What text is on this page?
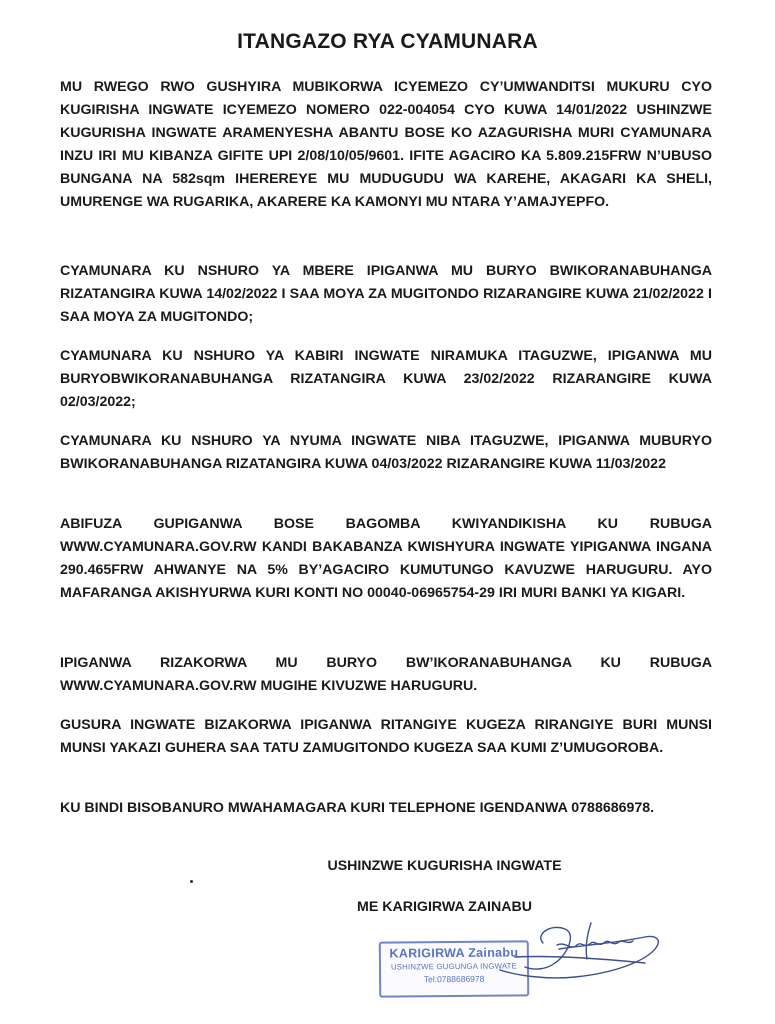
ITANGAZO RYA CYAMUNARA

MU RWEGO RWO GUSHYIRA MUBIKORWA ICYEMEZO CY’UMWANDITSI MUKURU CYO KUGIRISHA INGWATE ICYEMEZO NOMERO 022-004054 CYO KUWA 14/01/2022 USHINZWE KUGURISHA INGWATE ARAMENYESHA ABANTU BOSE KO AZAGURISHA MURI CYAMUNARA INZU IRI MU KIBANZA GIFITE UPI 2/08/10/05/9601. IFITE AGACIRO KA 5.809.215FRW N’UBUSO BUNGANA NA 582sqm IHEREREYE MU MUDUGUDU WA KAREHE, AKAGARI KA SHELI, UMURENGE WA RUGARIKA, AKARERE KA KAMONYI MU NTARA Y’AMAJYEPFO.

CYAMUNARA KU NSHURO YA MBERE IPIGANWA MU BURYO BWIKORANABUHANGA RIZATANGIRA KUWA 14/02/2022 I SAA MOYA ZA MUGITONDO RIZARANGIRE KUWA 21/02/2022 I SAA MOYA ZA MUGITONDO;

CYAMUNARA KU NSHURO YA KABIRI INGWATE NIRAMUKA ITAGUZWE, IPIGANWA MU BURYOBWIKORANABUHANGA RIZATANGIRA KUWA 23/02/2022 RIZARANGIRE KUWA 02/03/2022;

CYAMUNARA KU NSHURO YA NYUMA INGWATE NIBA ITAGUZWE, IPIGANWA MUBURYO BWIKORANABUHANGA RIZATANGIRA KUWA 04/03/2022 RIZARANGIRE KUWA 11/03/2022

ABIFUZA GUPIGANWA BOSE BAGOMBA KWIYANDIKISHA KU RUBUGA WWW.CYAMUNARA.GOV.RW KANDI BAKABANZA KWISHYURA INGWATE YIPIGANWA INGANA 290.465FRW AHWANYE NA 5% BY’AGACIRO KUMUTUNGO KAVUZWE HARUGURU. AYO MAFARANGA AKISHYURWA KURI KONTI NO 00040-06965754-29 IRI MURI BANKI YA KIGARI.

IPIGANWA RIZAKORWA MU BURYO BW’IKORANABUHANGA KU RUBUGA WWW.CYAMUNARA.GOV.RW MUGIHE KIVUZWE HARUGURU.

GUSURA INGWATE BIZAKORWA IPIGANWA RITANGIYE KUGEZA RIRANGIYE BURI MUNSI MUNSI YAKAZI GUHERA SAA TATU ZAMUGITONDO KUGEZA SAA KUMI Z’UMUGOROBA.

KU BINDI BISOBANURO MWAHAMAGARA KURI TELEPHONE IGENDANWA 0788686978.

USHINZWE KUGURISHA INGWATE

ME KARIGIRWA ZAINABU

KARIGIRWA Zainabu
USHINZWE GUGUNGA INGWATE
Tel:0788686978
